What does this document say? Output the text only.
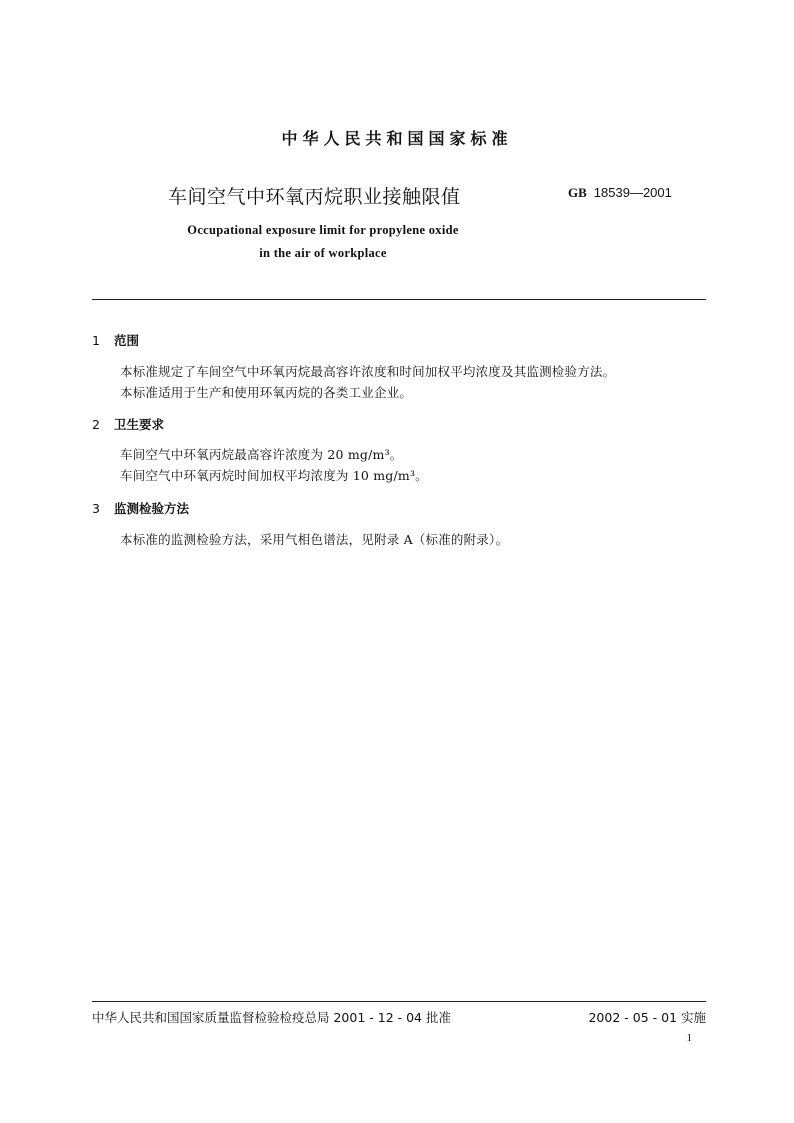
中华人民共和国国家标准
车间空气中环氧丙烷职业接触限值	GB 18539—2001
Occupational exposure limit for propylene oxide
in the air of workplace
1 范围
本标准规定了车间空气中环氧丙烷最高容许浓度和时间加权平均浓度及其监测检验方法。
本标准适用于生产和使用环氧丙烷的各类工业企业。
2 卫生要求
车间空气中环氧丙烷最高容许浓度为 20 mg/m³。
车间空气中环氧丙烷时间加权平均浓度为 10 mg/m³。
3 监测检验方法
本标准的监测检验方法，采用气相色谱法，见附录 A（标准的附录）。
中华人民共和国国家质量监督检验检疫总局 2001 - 12 - 04 批准	2002 - 05 - 01 实施
1
